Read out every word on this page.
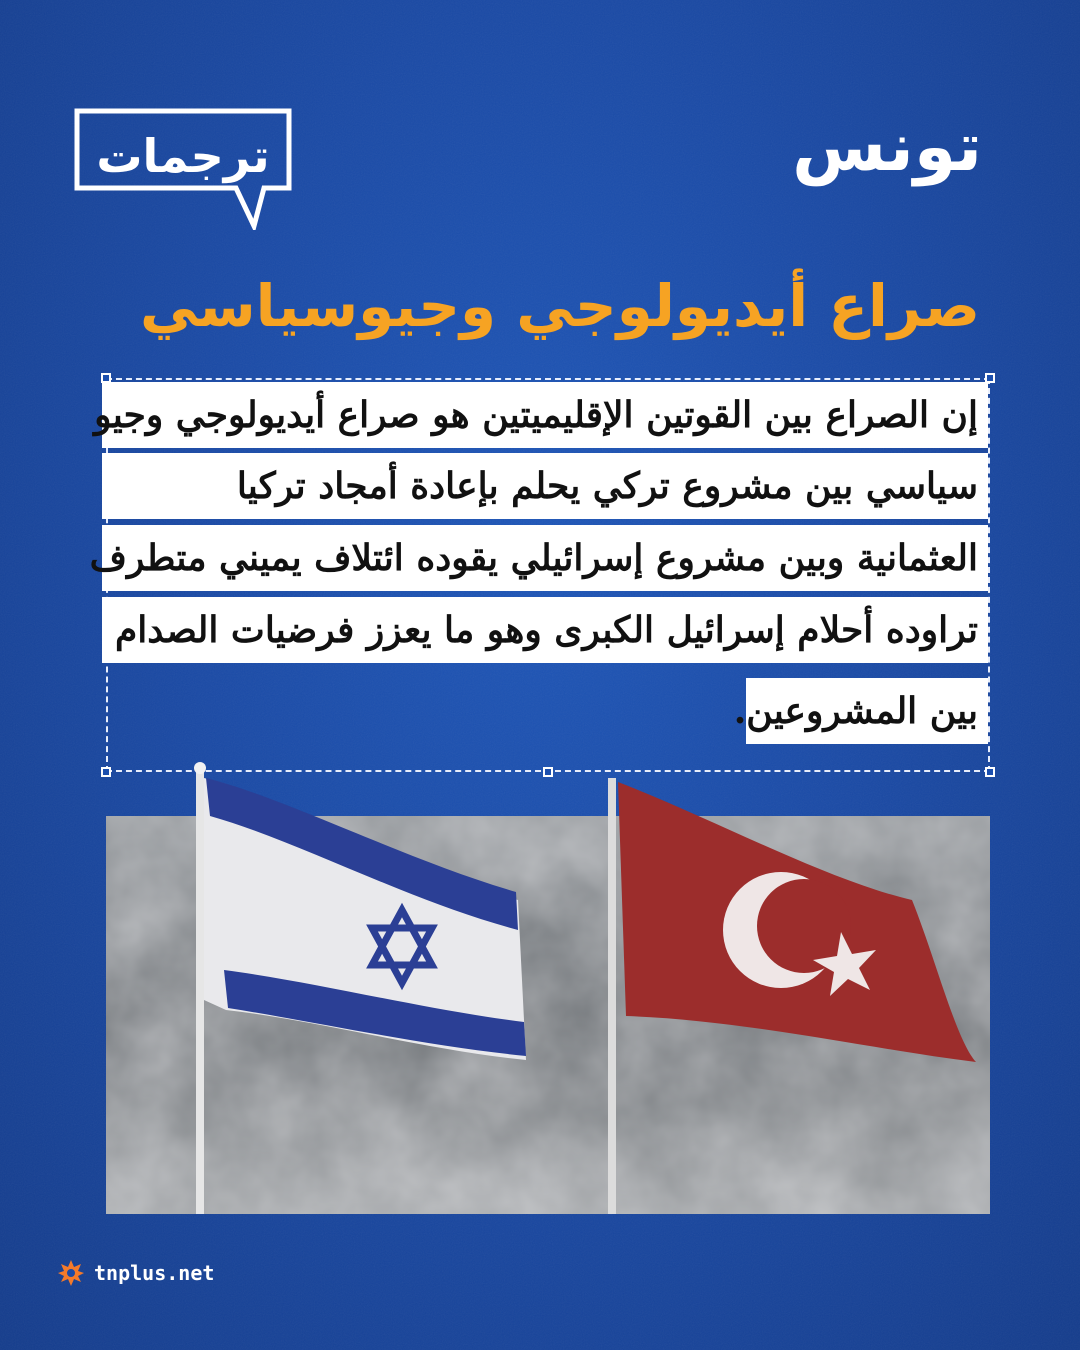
ترجمات	تونس
صراع أيديولوجي وجيوسياسي
إن الصراع بين القوتين الإقليميتين هو صراع أيديولوجي وجيو
سياسي بين مشروع تركي يحلم بإعادة أمجاد تركيا
العثمانية وبين مشروع إسرائيلي يقوده ائتلاف يميني متطرف
تراوده أحلام إسرائيل الكبرى وهو ما يعزز فرضيات الصدام
بين المشروعين.
tnplus.net
